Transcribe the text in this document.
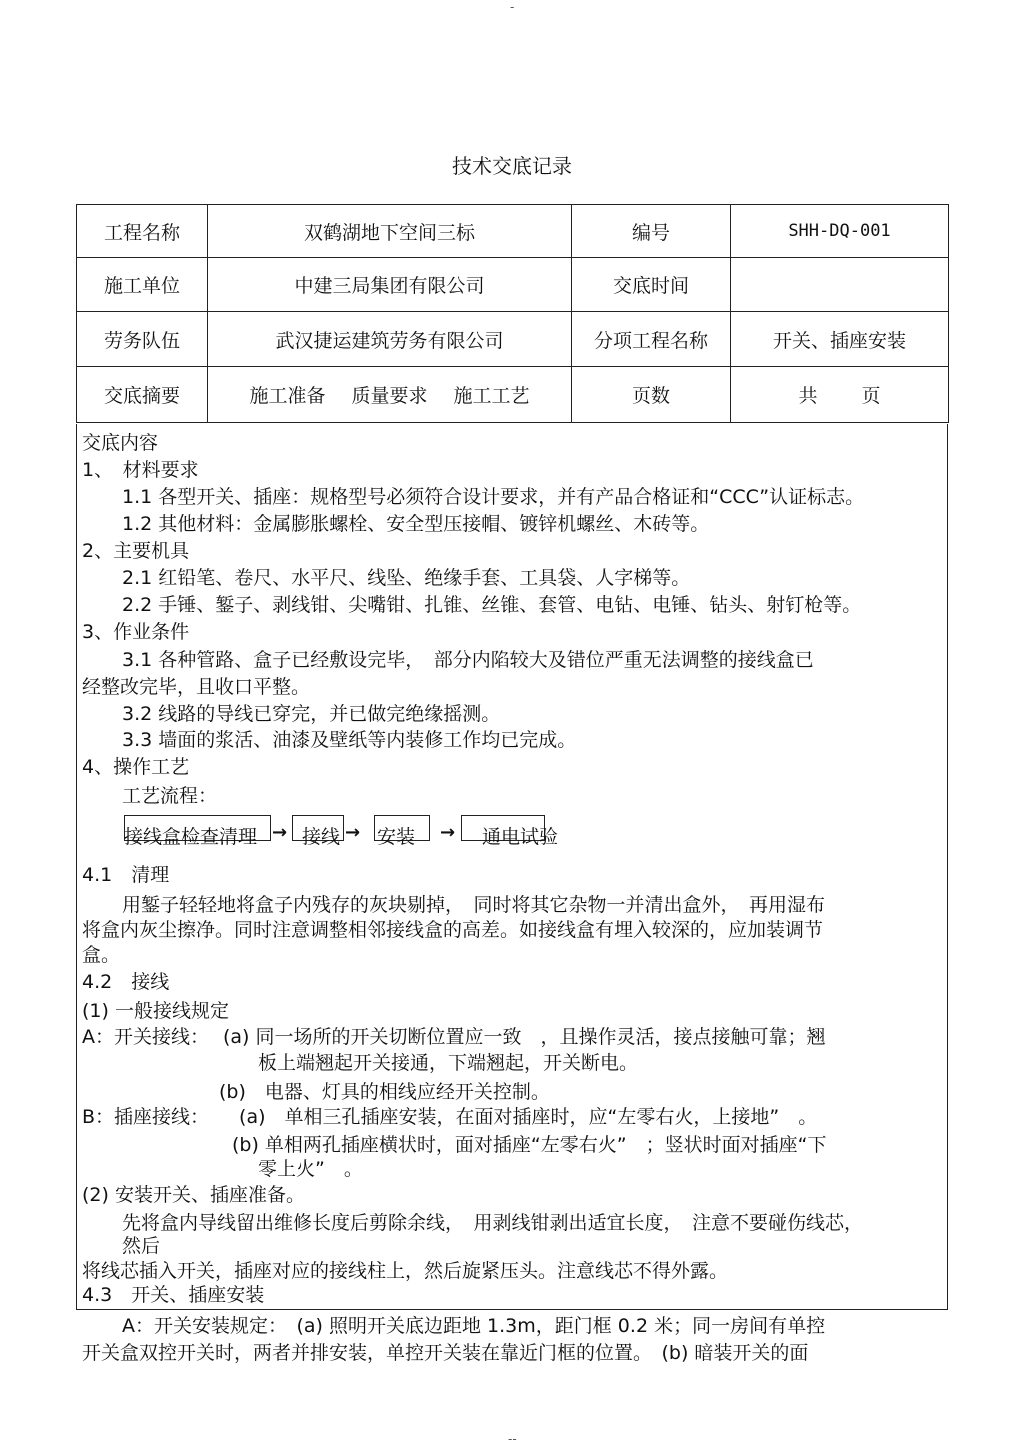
-
技术交底记录
工程名称	双鹤湖地下空间三标	编号	SHH-DQ-001
施工单位	中建三局集团有限公司	交底时间	
劳务队伍	武汉捷运建筑劳务有限公司	分项工程名称	开关、插座安装
交底摘要	施工准备 质量要求 施工工艺	页数	共 页
交底内容
1、　材料要求
1.1 各型开关、插座：规格型号必须符合设计要求，并有产品合格证和“CCC”认证标志。
1.2 其他材料：金属膨胀螺栓、安全型压接帽、镀锌机螺丝、木砖等。
2、主要机具
2.1 红铅笔、卷尺、水平尺、线坠、绝缘手套、工具袋、人字梯等。
2.2 手锤、錾子、剥线钳、尖嘴钳、扎锥、丝锥、套管、电钻、电锤、钻头、射钉枪等。
3、作业条件
3.1 各种管路、盒子已经敷设完毕，　部分内陷较大及错位严重无法调整的接线盒已
经整改完毕，且收口平整。
3.2 线路的导线已穿完，并已做完绝缘摇测。
3.3 墙面的浆活、油漆及壁纸等内装修工作均已完成。
4、操作工艺
工艺流程：
接线盒检查清理 → 接线 → 安装 → 通电试验
4.1　清理
用錾子轻轻地将盒子内残存的灰块剔掉，　同时将其它杂物一并清出盒外，　再用湿布
将盒内灰尘擦净。同时注意调整相邻接线盒的高差。如接线盒有埋入较深的，应加装调节
盒。
4.2　接线
(1) 一般接线规定
A：开关接线： (a) 同一场所的开关切断位置应一致　，且操作灵活，接点接触可靠；翘
板上端翘起开关接通，下端翘起，开关断电。
(b)　电器、灯具的相线应经开关控制。
B：插座接线： (a)　单相三孔插座安装，在面对插座时，应“左零右火，上接地”　。
(b) 单相两孔插座横状时，面对插座“左零右火”　；竖状时面对插座“下
零上火”　。
(2) 安装开关、插座准备。
先将盒内导线留出维修长度后剪除余线，　用剥线钳剥出适宜长度，　注意不要碰伤线芯，
然后
将线芯插入开关，插座对应的接线柱上，然后旋紧压头。注意线芯不得外露。
4.3　开关、插座安装
A：开关安装规定：　(a) 照明开关底边距地 1.3m，距门框 0.2 米；同一房间有单控
开关盒双控开关时，两者并排安装，单控开关装在靠近门框的位置。　(b) 暗装开关的面
--
